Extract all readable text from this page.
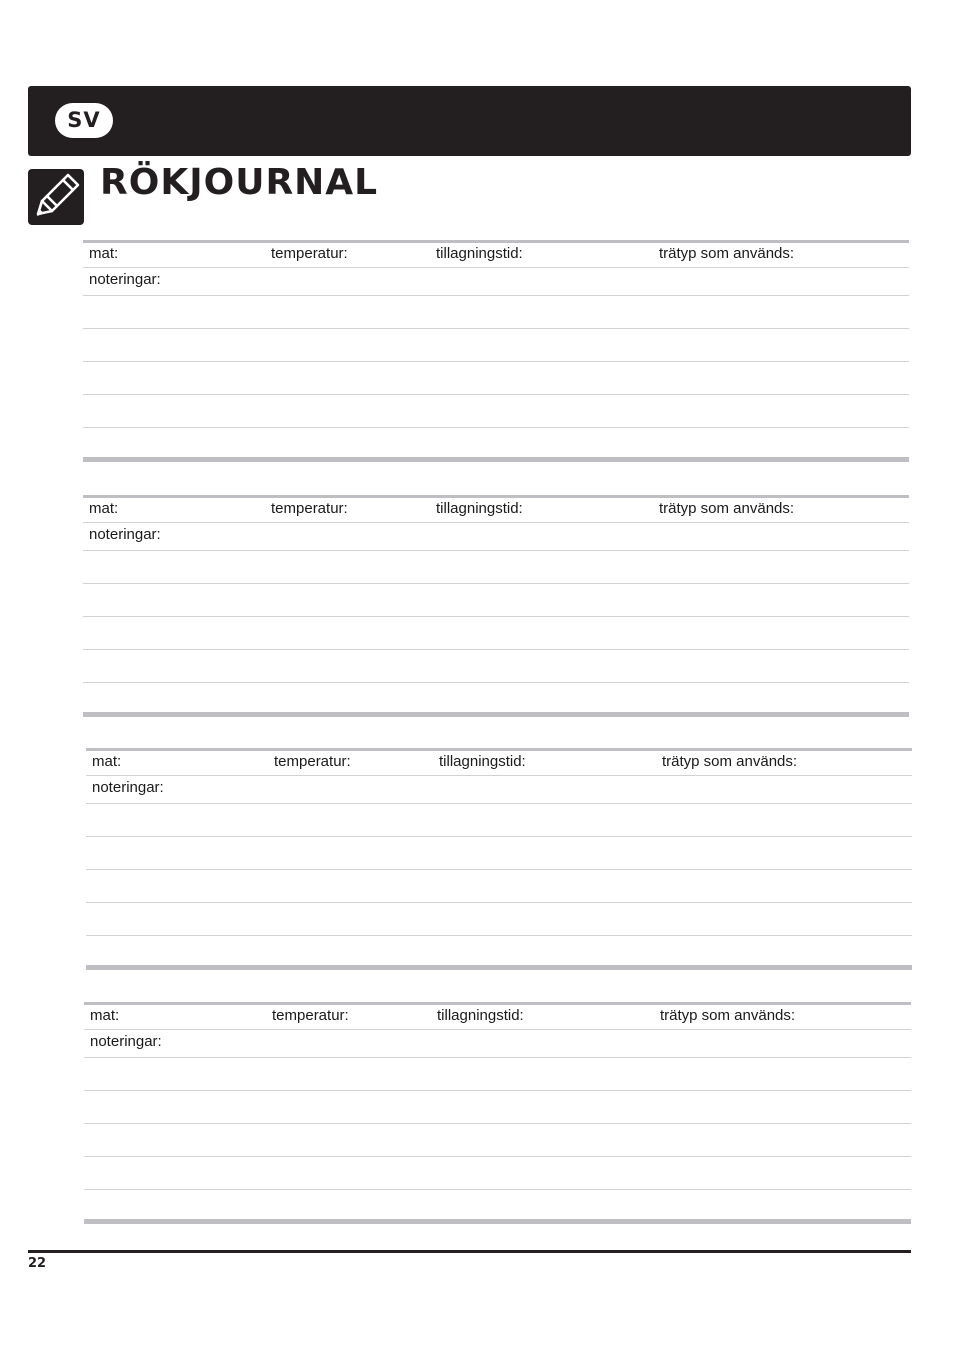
SV
RÖKJOURNAL
mat:	temperatur:	tillagningstid:	trätyp som används:
noteringar:
mat:	temperatur:	tillagningstid:	trätyp som används:
noteringar:
mat:	temperatur:	tillagningstid:	trätyp som används:
noteringar:
mat:	temperatur:	tillagningstid:	trätyp som används:
noteringar:
22
